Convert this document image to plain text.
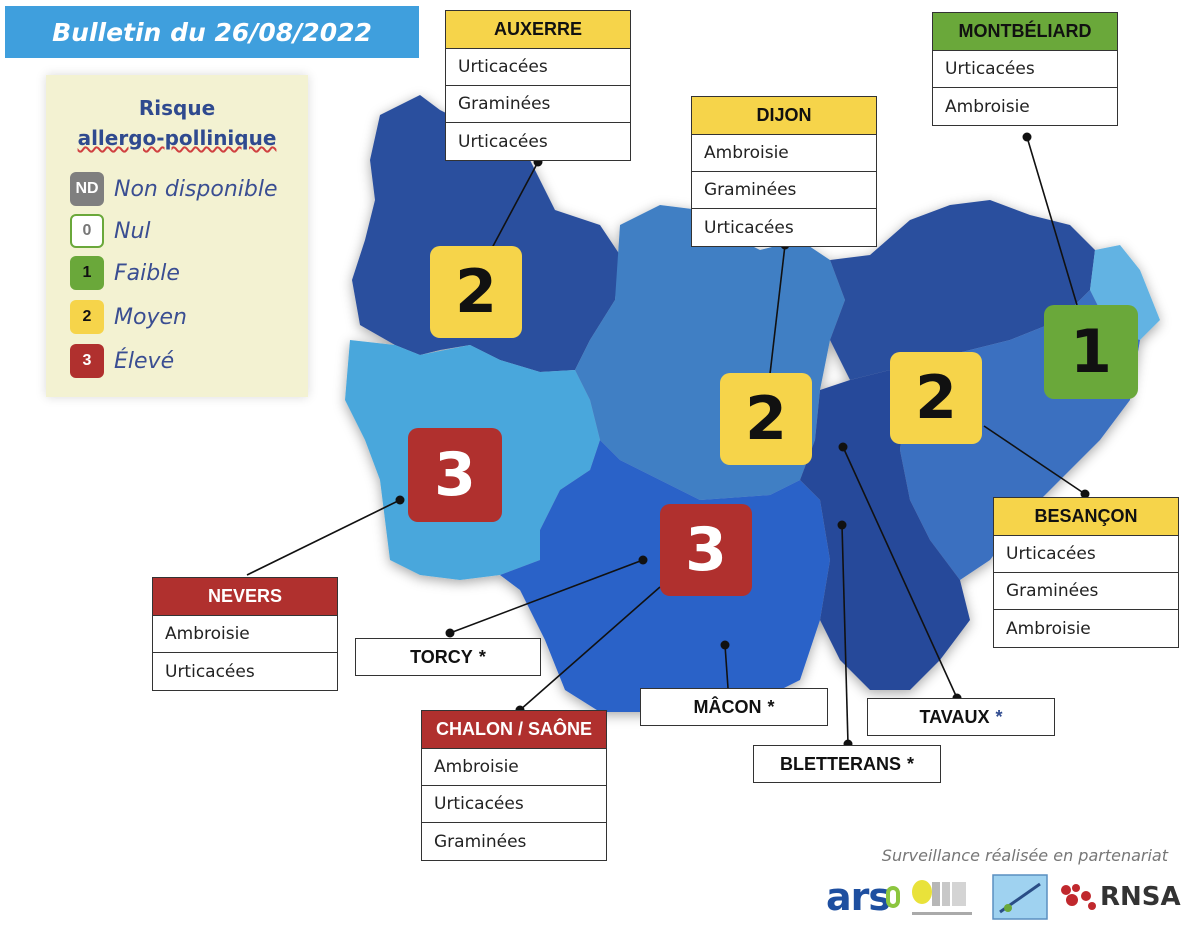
Bulletin du 26/08/2022
Risque
allergo-pollinique
ND Non disponible
0	Nul
1	Faible
2	Moyen
3	Élevé
2
2	2
1
3
3
AUXERRE
Urticacées
Graminées
Urticacées
DIJON
Ambroisie
Graminées
Urticacées
MONTBÉLIARD
Urticacées
Ambroisie
BESANÇON
Urticacées
Graminées
Ambroisie
NEVERS
Ambroisie
Urticacées
CHALON / SAÔNE
Ambroisie
Urticacées
Graminées
TORCY *
MÂCON *	TAVAUX *
BLETTERANS *
Surveillance réalisée en partenariat
ars	RNSA
